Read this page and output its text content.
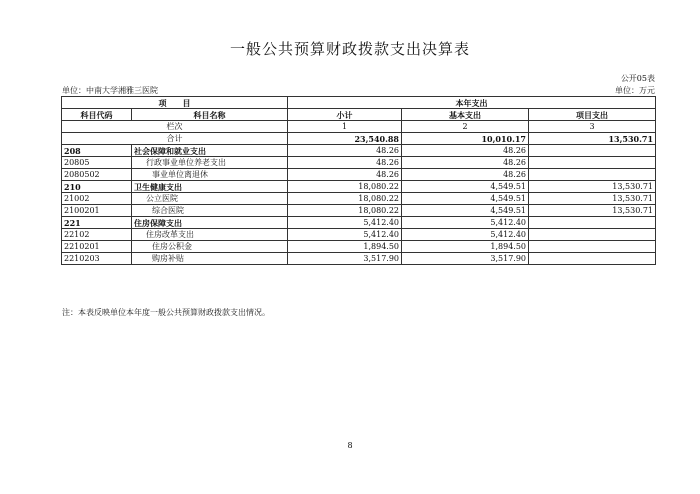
一般公共预算财政拨款支出决算表
公开05表
单位：中南大学湘雅三医院	单位：万元
项　　目		本年支出		
科目代码	科目名称	小计	基本支出	项目支出
栏次		1	2	3
合计		23,540.88	10,010.17	13,530.71
208	社会保障和就业支出	48.26	48.26	
20805	行政事业单位养老支出	48.26	48.26	
2080502	事业单位离退休	48.26	48.26	
210	卫生健康支出	18,080.22	4,549.51	13,530.71
21002	公立医院	18,080.22	4,549.51	13,530.71
2100201	综合医院	18,080.22	4,549.51	13,530.71
221	住房保障支出	5,412.40	5,412.40	
22102	住房改革支出	5,412.40	5,412.40	
2210201	住房公积金	1,894.50	1,894.50	
2210203	购房补贴	3,517.90	3,517.90	
注：本表反映单位本年度一般公共预算财政拨款支出情况。
8
